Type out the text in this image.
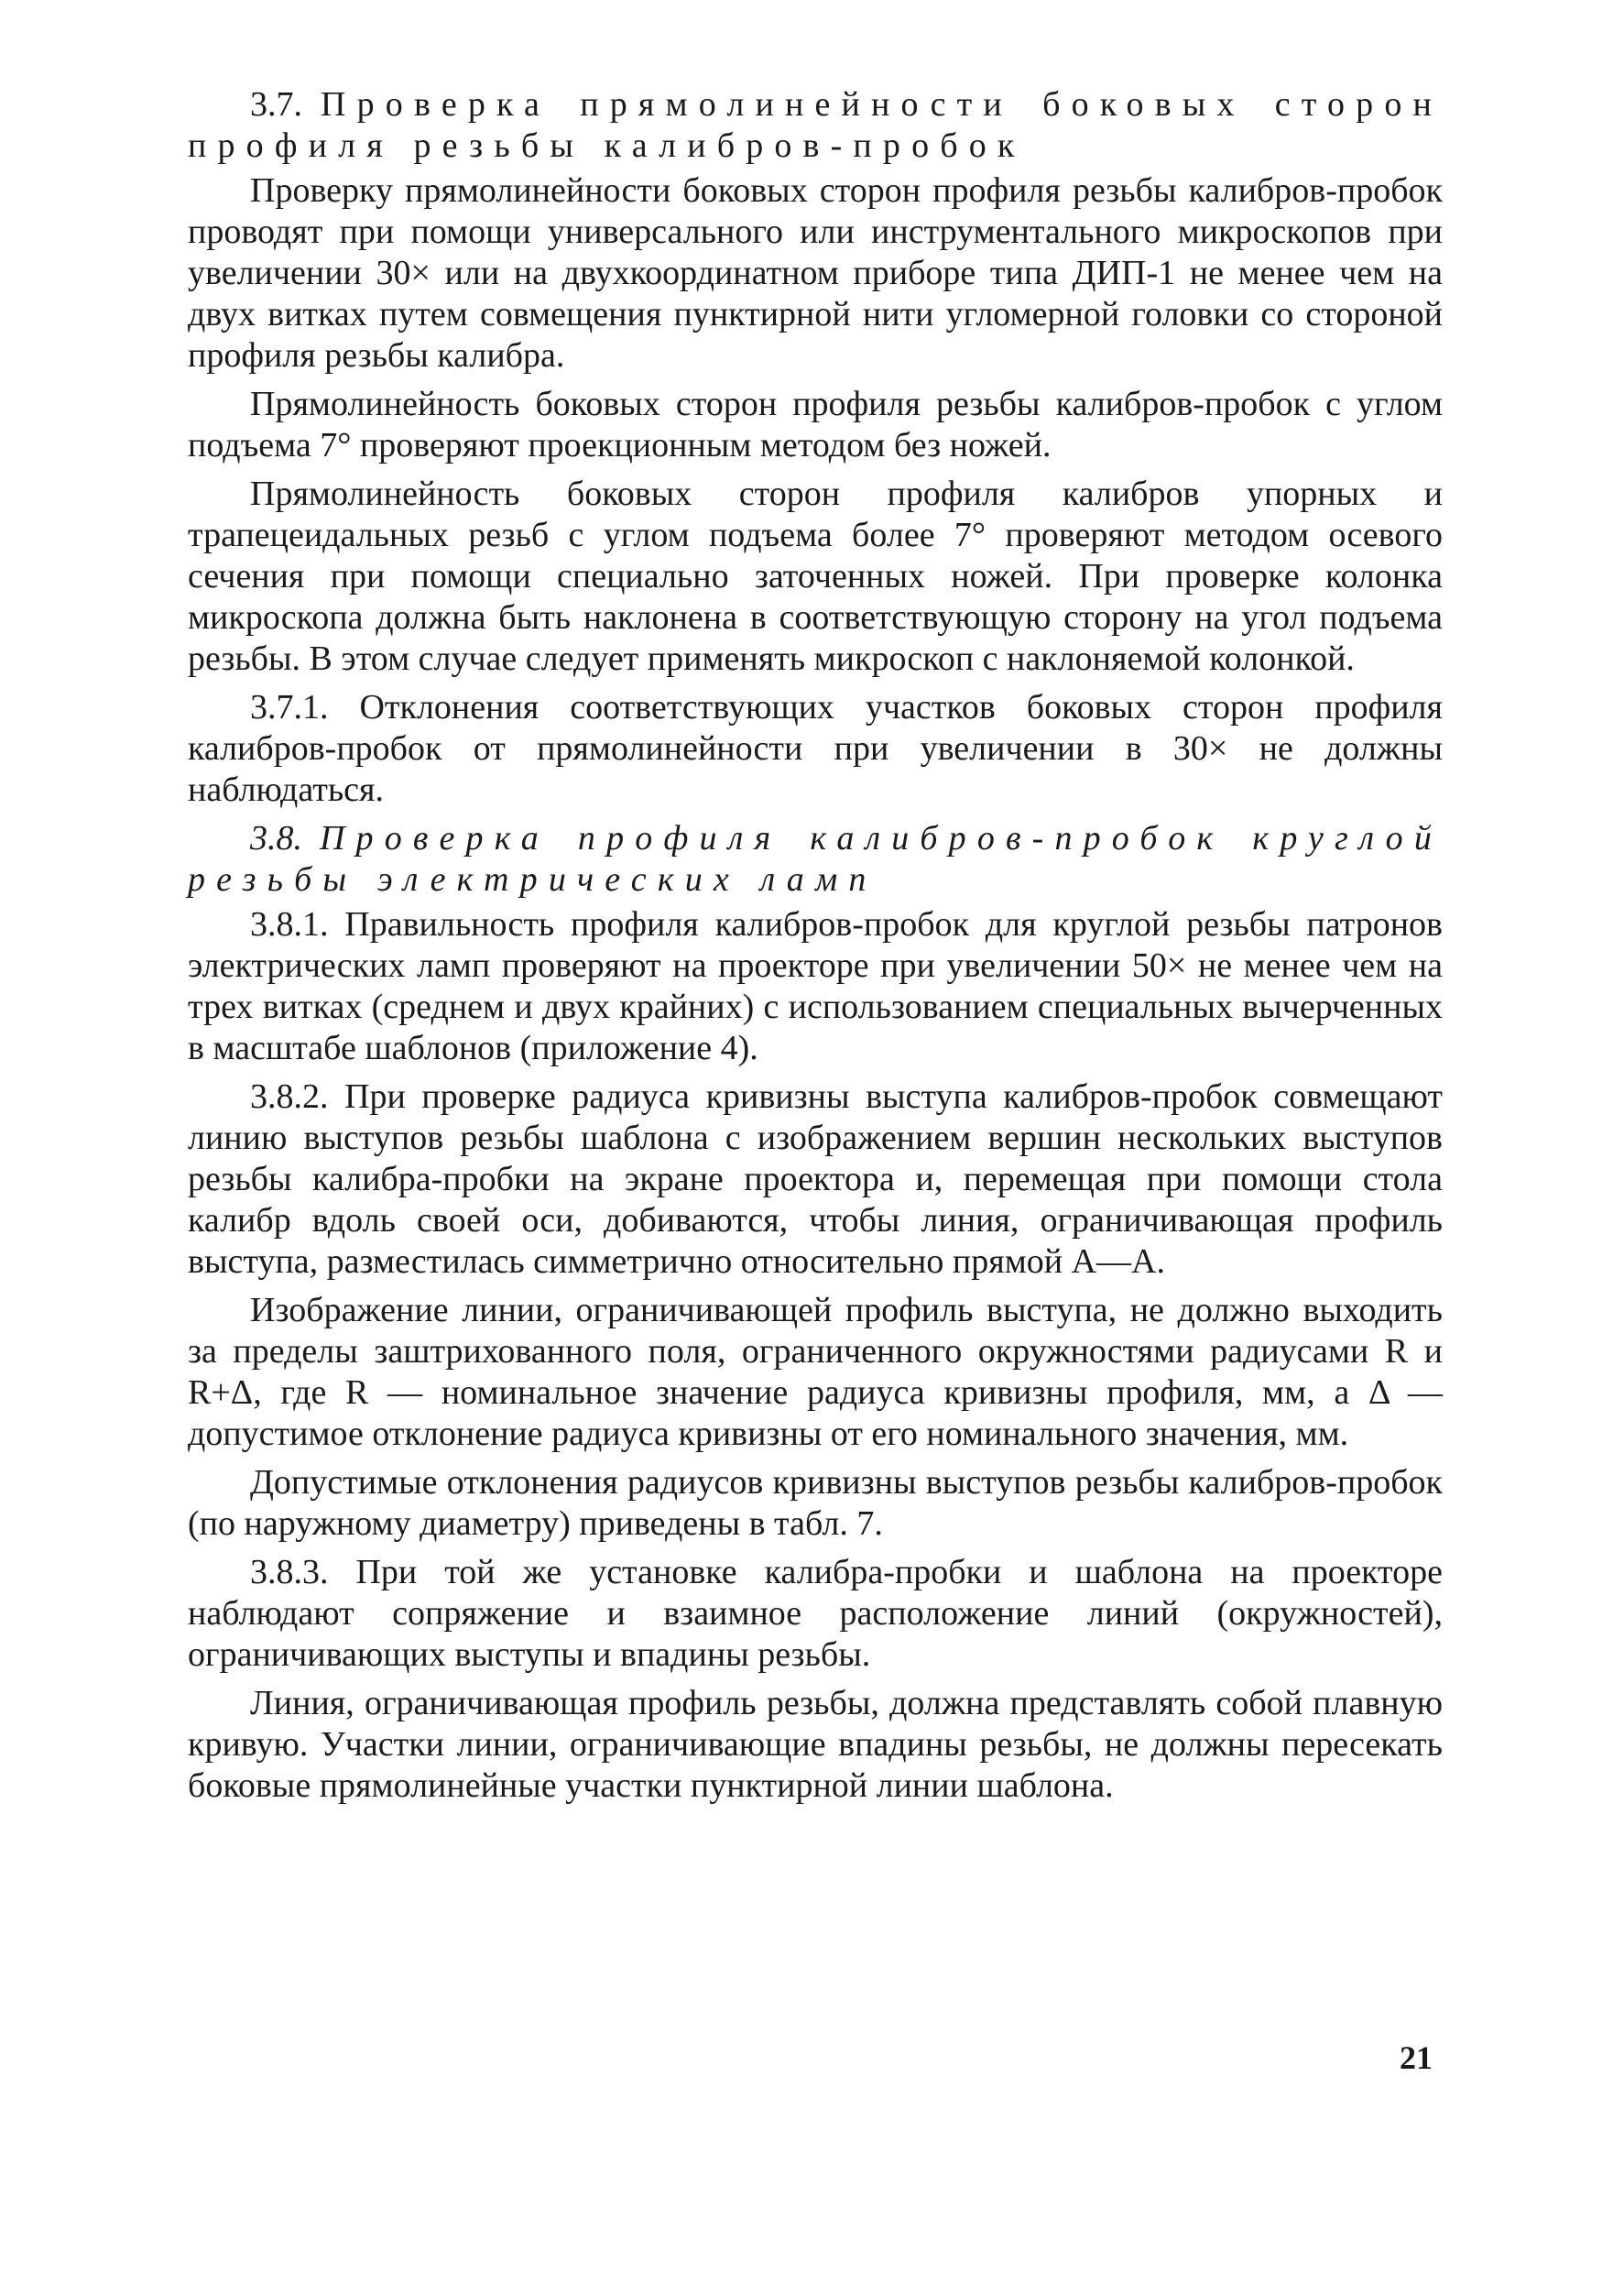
3.7. Проверка прямолинейности боковых сторон профиля резьбы калибров-пробок

Проверку прямолинейности боковых сторон профиля резьбы калибров-пробок проводят при помощи универсального или инструментального микроскопов при увеличении 30× или на двухкоординатном приборе типа ДИП-1 не менее чем на двух витках путем совмещения пунктирной нити угломерной головки со стороной профиля резьбы калибра.

Прямолинейность боковых сторон профиля резьбы калибров-пробок с углом подъема 7° проверяют проекционным методом без ножей.

Прямолинейность боковых сторон профиля калибров упорных и трапецеидальных резьб с углом подъема более 7° проверяют методом осевого сечения при помощи специально заточенных ножей. При проверке колонка микроскопа должна быть наклонена в соответствующую сторону на угол подъема резьбы. В этом случае следует применять микроскоп с наклоняемой колонкой.

3.7.1. Отклонения соответствующих участков боковых сторон профиля калибров-пробок от прямолинейности при увеличении в 30× не должны наблюдаться.

3.8. Проверка профиля калибров-пробок круглой резьбы электрических ламп

3.8.1. Правильность профиля калибров-пробок для круглой резьбы патронов электрических ламп проверяют на проекторе при увеличении 50× не менее чем на трех витках (среднем и двух крайних) с использованием специальных вычерченных в масштабе шаблонов (приложение 4).

3.8.2. При проверке радиуса кривизны выступа калибров-пробок совмещают линию выступов резьбы шаблона с изображением вершин нескольких выступов резьбы калибра-пробки на экране проектора и, перемещая при помощи стола калибр вдоль своей оси, добиваются, чтобы линия, ограничивающая профиль выступа, разместилась симметрично относительно прямой А—А.

Изображение линии, ограничивающей профиль выступа, не должно выходить за пределы заштрихованного поля, ограниченного окружностями радиусами R и R+Δ, где R — номинальное значение радиуса кривизны профиля, мм, а Δ — допустимое отклонение радиуса кривизны от его номинального значения, мм.

Допустимые отклонения радиусов кривизны выступов резьбы калибров-пробок (по наружному диаметру) приведены в табл. 7.

3.8.3. При той же установке калибра-пробки и шаблона на проекторе наблюдают сопряжение и взаимное расположение линий (окружностей), ограничивающих выступы и впадины резьбы.

Линия, ограничивающая профиль резьбы, должна представлять собой плавную кривую. Участки линии, ограничивающие впадины резьбы, не должны пересекать боковые прямолинейные участки пунктирной линии шаблона.

21
